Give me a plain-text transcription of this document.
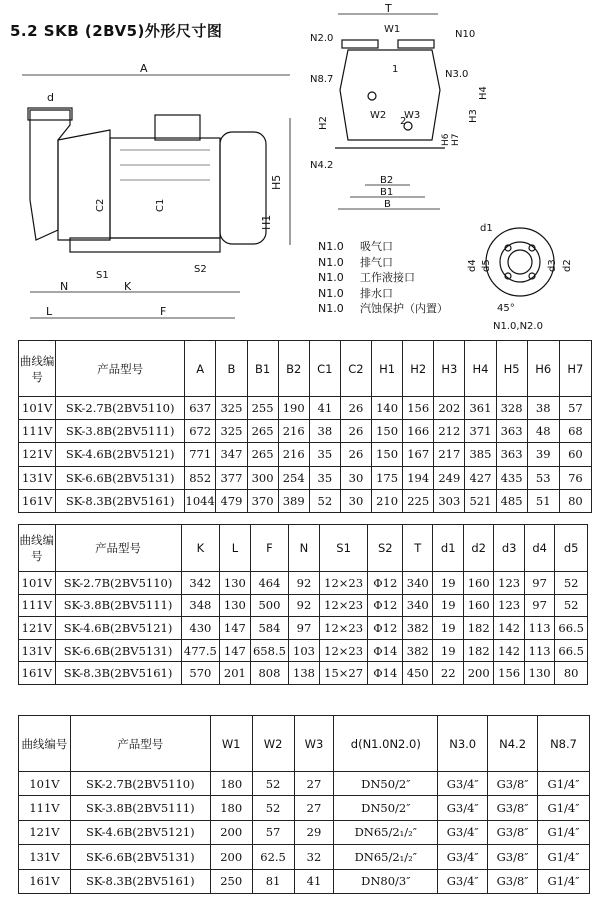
5.2 SKB (2BV5)外形尺寸图
A
d
H5
H1
C2	C1
N	K
L	F
S1
S2
T
W1
N2.0	N10
N8.7	N3.0
1
2
W2 W3
H2
H3
H4
H6 H7
N4.2
B2
B1
B
d1
d4 d5	d3 d2
45°
N1.0,N2.0
N1.0 吸气口
N1.0 排气口
N1.0 工作液接口
N1.0 排水口
N1.0 汽蚀保护（内置）
曲线编号	产品型号	A	B	B1	B2	C1	C2	H1	H2	H3	H4	H5	H6	H7
101V	SK-2.7B(2BV5110)	637	325	255	190	41	26	140	156	202	361	328	38	57
111V	SK-3.8B(2BV5111)	672	325	265	216	38	26	150	166	212	371	363	48	68
121V	SK-4.6B(2BV5121)	771	347	265	216	35	26	150	167	217	385	363	39	60
131V	SK-6.6B(2BV5131)	852	377	300	254	35	30	175	194	249	427	435	53	76
161V	SK-8.3B(2BV5161)	1044	479	370	389	52	30	210	225	303	521	485	51	80
曲线编号	产品型号	K	L	F	N	S1	S2	T	d1	d2	d3	d4	d5
101V	SK-2.7B(2BV5110)	342	130	464	92	12×23	Φ12	340	19	160	123	97	52
111V	SK-3.8B(2BV5111)	348	130	500	92	12×23	Φ12	340	19	160	123	97	52
121V	SK-4.6B(2BV5121)	430	147	584	97	12×23	Φ12	382	19	182	142	113	66.5
131V	SK-6.6B(2BV5131)	477.5	147	658.5	103	12×23	Φ14	382	19	182	142	113	66.5
161V	SK-8.3B(2BV5161)	570	201	808	138	15×27	Φ14	450	22	200	156	130	80
曲线编号	产品型号	W1	W2	W3	d(N1.0N2.0)	N3.0	N4.2	N8.7
101V	SK-2.7B(2BV5110)	180	52	27	DN50/2″	G3/4″	G3/8″	G1/4″
111V	SK-3.8B(2BV5111)	180	52	27	DN50/2″	G3/4″	G3/8″	G1/4″
121V	SK-4.6B(2BV5121)	200	57	29	DN65/2₁/₂″	G3/4″	G3/8″	G1/4″
131V	SK-6.6B(2BV5131)	200	62.5	32	DN65/2₁/₂″	G3/4″	G3/8″	G1/4″
161V	SK-8.3B(2BV5161)	250	81	41	DN80/3″	G3/4″	G3/8″	G1/4″
